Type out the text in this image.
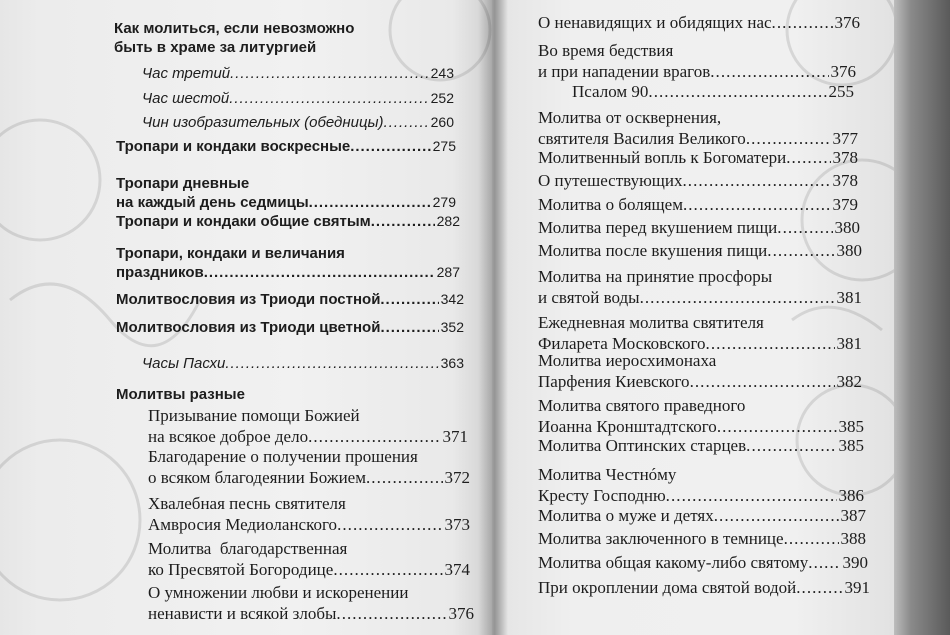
Как молиться, если невозможно
быть в храме за литургией
Час третий . . .	243
Час шестой . . .	252
Чин изобразительных (обедницы) . . .	260
Тропари и кондаки воскресные . . .	275
Тропари дневные
на каждый день седмицы . . .	279
Тропари и кондаки общие святым . . .	282
Тропари, кондаки и величания
праздников . . .	287
Молитвословия из Триоди постной . . .	342
Молитвословия из Триоди цветной . . .	352
Часы Пасхи . . .	363
Молитвы разные
Призывание помощи Божией
на всякое доброе дело . . .	371
Благодарение о получении прошения
о всяком благодеянии Божием . . .	372
Хвалебная песнь святителя
Амвросия Медиоланского . . .	373
Молитва  благодарственная
ко Пресвятой Богородице . . .	374
О умножении любви и искоренении
ненависти и всякой злобы . . .	376
О ненавидящих и обидящих нас . . .	376
Во время бедствия
и при нападении врагов . . .	376
Псалом 90 . . .	255
Молитва от осквернения,
святителя Василия Великого . . .	377
Молитвенный вопль к Богоматери . . .	378
О путешествующих . . .	378
Молитва о болящем . . .	379
Молитва перед вкушением пищи . . .	380
Молитва после вкушения пищи . . .	380
Молитва на принятие просфоры
и святой воды . . .	381
Ежедневная молитва святителя
Филарета Московского . . .	381
Молитва иеросхимонаха
Парфения Киевского . . .	382
Молитва святого праведного
Иоанна Кронштадтского . . .	385
Молитва Оптинских старцев . . .	385
Молитва Честнóму
Кресту Господню . . .	386
Молитва о муже и детях . . .	387
Молитва заключенного в темнице . . .	388
Молитва общая какому-либо святому . . . 390
При окроплении дома святой водой . . .	391
